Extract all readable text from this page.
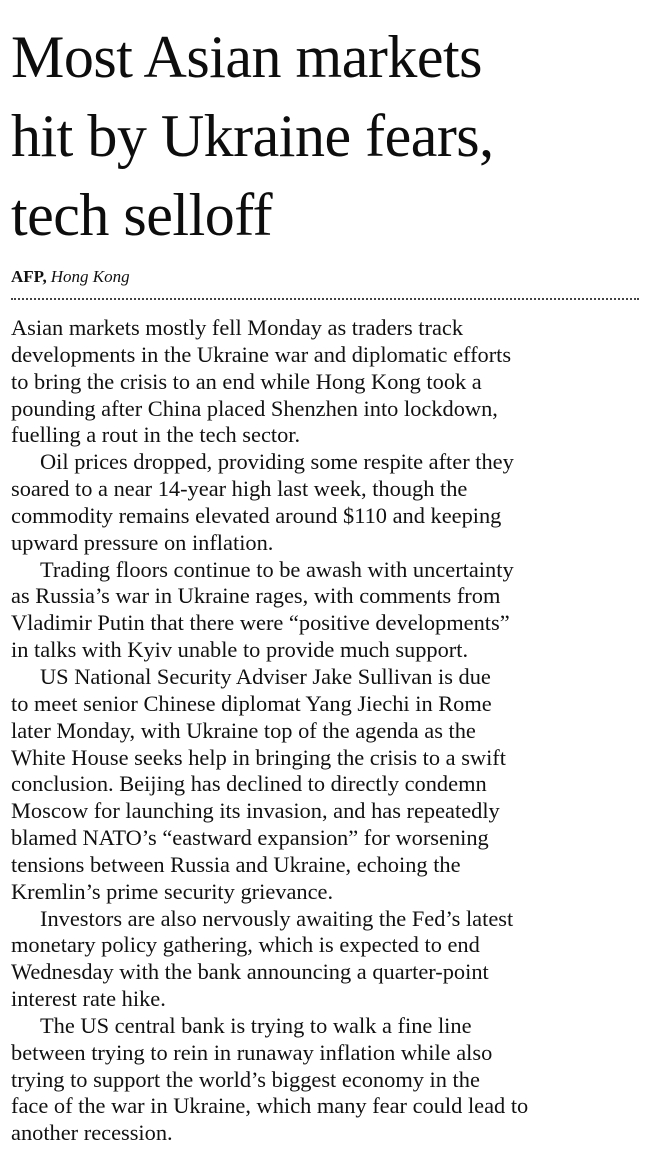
Most Asian markets
hit by Ukraine fears,
tech selloff
AFP, Hong Kong

Asian markets mostly fell Monday as traders track
developments in the Ukraine war and diplomatic efforts
to bring the crisis to an end while Hong Kong took a
pounding after China placed Shenzhen into lockdown,
fuelling a rout in the tech sector.

Oil prices dropped, providing some respite after they
soared to a near 14-year high last week, though the
commodity remains elevated around $110 and keeping
upward pressure on inflation.

Trading floors continue to be awash with uncertainty
as Russia’s war in Ukraine rages, with comments from
Vladimir Putin that there were “positive developments”
in talks with Kyiv unable to provide much support.

US National Security Adviser Jake Sullivan is due
to meet senior Chinese diplomat Yang Jiechi in Rome
later Monday, with Ukraine top of the agenda as the
White House seeks help in bringing the crisis to a swift
conclusion. Beijing has declined to directly condemn
Moscow for launching its invasion, and has repeatedly
blamed NATO’s “eastward expansion” for worsening
tensions between Russia and Ukraine, echoing the
Kremlin’s prime security grievance.

Investors are also nervously awaiting the Fed’s latest
monetary policy gathering, which is expected to end
Wednesday with the bank announcing a quarter-point
interest rate hike.

The US central bank is trying to walk a fine line
between trying to rein in runaway inflation while also
trying to support the world’s biggest economy in the
face of the war in Ukraine, which many fear could lead to
another recession.
